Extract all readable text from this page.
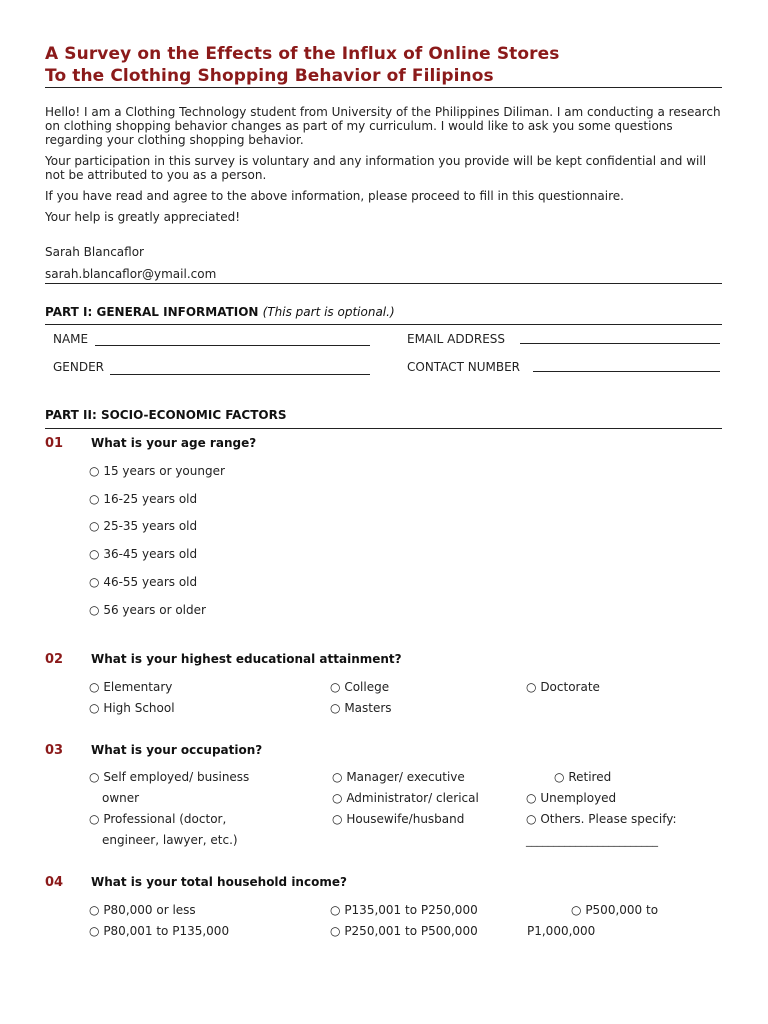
A Survey on the Effects of the Influx of Online Stores
To the Clothing Shopping Behavior of Filipinos
Hello! I am a Clothing Technology student from University of the Philippines Diliman. I am conducting a research
on clothing shopping behavior changes as part of my curriculum. I would like to ask you some questions
regarding your clothing shopping behavior.
Your participation in this survey is voluntary and any information you provide will be kept confidential and will
not be attributed to you as a person.
If you have read and agree to the above information, please proceed to fill in this questionnaire.
Your help is greatly appreciated!
Sarah Blancaflor
sarah.blancaflor@ymail.com
PART I: GENERAL INFORMATION (This part is optional.)
NAME	EMAIL ADDRESS
GENDER	CONTACT NUMBER
PART II: SOCIO-ECONOMIC FACTORS
01 What is your age range?
○ 15 years or younger
○ 16-25 years old
○ 25-35 years old
○ 36-45 years old
○ 46-55 years old
○ 56 years or older
02 What is your highest educational attainment?
○ Elementary
○ High School
○ College
○ Masters
○ Doctorate
03 What is your occupation?
○ Self employed/ business
owner
○ Professional (doctor,
engineer, lawyer, etc.)
○ Manager/ executive
○ Administrator/ clerical
○ Housewife/husband
○ Retired
○ Unemployed
○ Others. Please specify:
________________________
04 What is your total household income?
○ P80,000 or less
○ P80,001 to P135,000
○ P135,001 to P250,000
○ P250,001 to P500,000
○ P500,000 to
P1,000,000
